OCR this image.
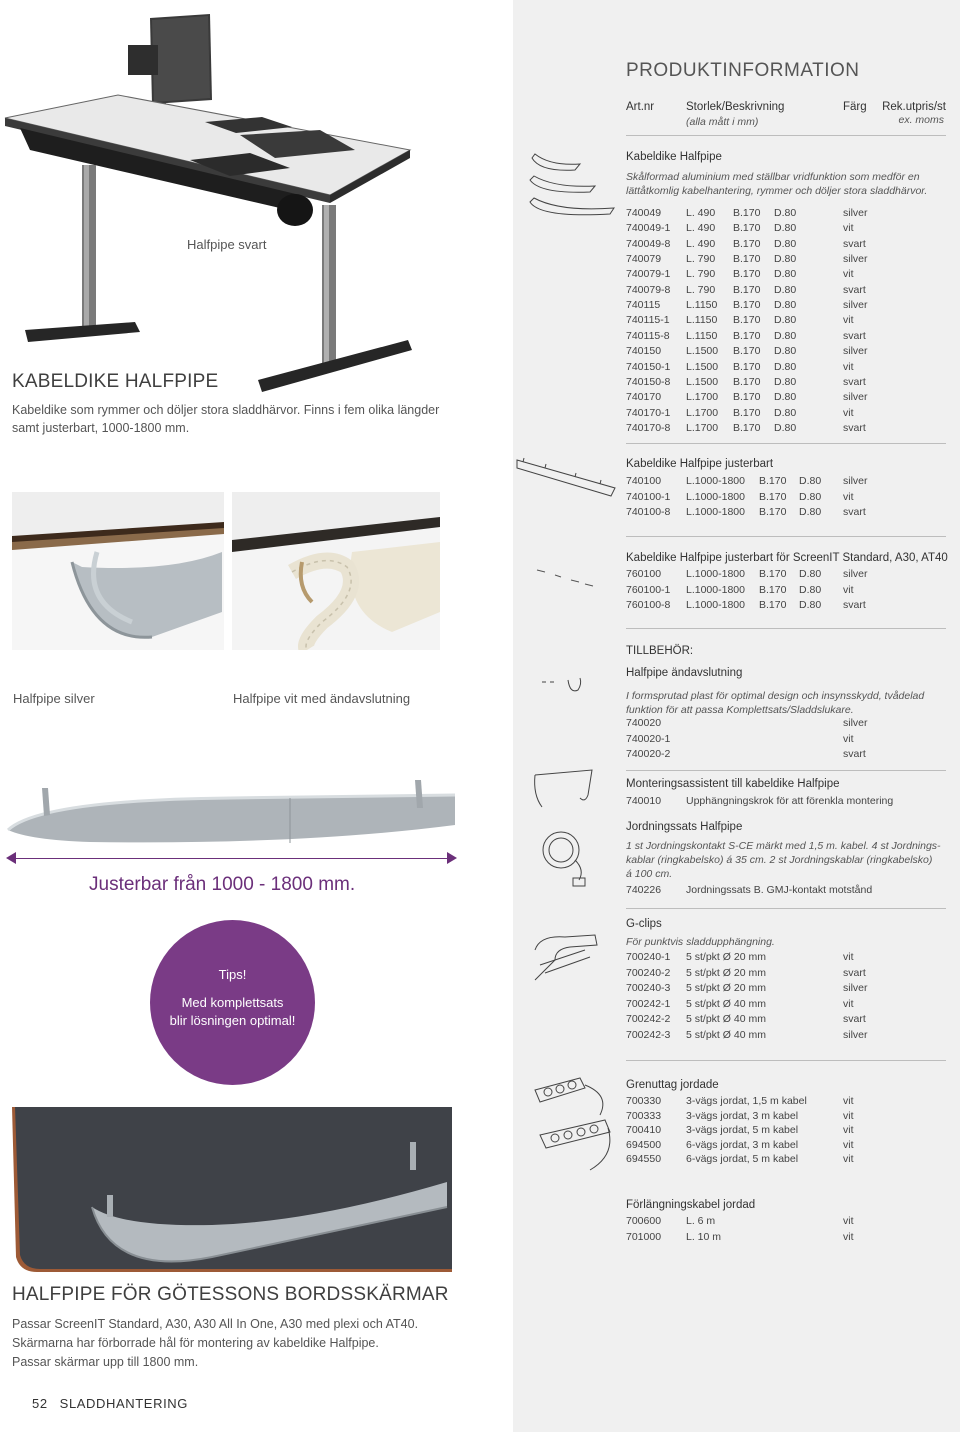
Halfpipe svart
KABELDIKE HALFPIPE
Kabeldike som rymmer och döljer stora sladdhärvor. Finns i fem olika längder
samt justerbart, 1000-1800 mm.
Halfpipe silver	Halfpipe vit med ändavslutning
Justerbar från 1000 - 1800 mm.
Tips!
Med komplettsats
blir lösningen optimal!
HALFPIPE FÖR GÖTESSONS BORDSSKÄRMAR
Passar ScreenIT Standard, A30, A30 All In One, A30 med plexi och AT40.
Skärmarna har förborrade hål för montering av kabeldike Halfpipe.
Passar skärmar upp till 1800 mm.
52 SLADDHANTERING
PRODUKTINFORMATION
Art.nr	Storlek/Beskrivning
(alla mått i mm)
Färg Rek.utpris/st
ex. moms
Kabeldike Halfpipe
Skålformad aluminium med ställbar vridfunktion som medför en
lättåtkomlig kabelhantering, rymmer och döljer stora sladdhärvor.
740049 L. 490 B.170 D.80	silver
740049-1 L. 490 B.170 D.80	vit
740049-8 L. 490 B.170 D.80	svart
740079 L. 790 B.170 D.80	silver
740079-1 L. 790 B.170 D.80	vit
740079-8 L. 790 B.170 D.80	svart
740115 L.1150 B.170 D.80	silver
740115-1 L.1150 B.170 D.80	vit
740115-8 L.1150 B.170 D.80	svart
740150 L.1500 B.170 D.80	silver
740150-1 L.1500 B.170 D.80	vit
740150-8 L.1500 B.170 D.80	svart
740170 L.1700 B.170 D.80	silver
740170-1 L.1700 B.170 D.80	vit
740170-8 L.1700 B.170 D.80	svart
Kabeldike Halfpipe justerbart
740100 L.1000-1800 B.170 D.80 silver
740100-1 L.1000-1800 B.170 D.80 vit
740100-8 L.1000-1800 B.170 D.80 svart
Kabeldike Halfpipe justerbart för ScreenIT Standard, A30, AT40
760100 L.1000-1800 B.170 D.80 silver
760100-1 L.1000-1800 B.170 D.80 vit
760100-8 L.1000-1800 B.170 D.80 svart
TILLBEHÖR:
Halfpipe ändavslutning
I formsprutad plast för optimal design och insynsskydd, tvådelad
funktion för att passa Komplettsats/Sladdslukare.
740020	silver
740020-1	vit
740020-2	svart
Monteringsassistent till kabeldike Halfpipe
740010 Upphängningskrok för att förenkla montering
Jordningssats Halfpipe
1 st Jordningskontakt S-CE märkt med 1,5 m. kabel. 4 st Jordnings-
kablar (ringkabelsko) á 35 cm. 2 st Jordningskablar (ringkabelsko)
á 100 cm.
740226 Jordningssats B. GMJ-kontakt motstånd
G-clips
För punktvis sladdupphängning.
700240-1 5 st/pkt Ø 20 mm	vit
700240-2 5 st/pkt Ø 20 mm	svart
700240-3 5 st/pkt Ø 20 mm	silver
700242-1 5 st/pkt Ø 40 mm	vit
700242-2 5 st/pkt Ø 40 mm	svart
700242-3 5 st/pkt Ø 40 mm	silver
Grenuttag jordade
700330 3-vägs jordat, 1,5 m kabel	vit
700333 3-vägs jordat, 3 m kabel	vit
700410 3-vägs jordat, 5 m kabel	vit
694500 6-vägs jordat, 3 m kabel	vit
694550 6-vägs jordat, 5 m kabel	vit
Förlängningskabel jordad
700600 L. 6 m	vit
701000 L. 10 m	vit
